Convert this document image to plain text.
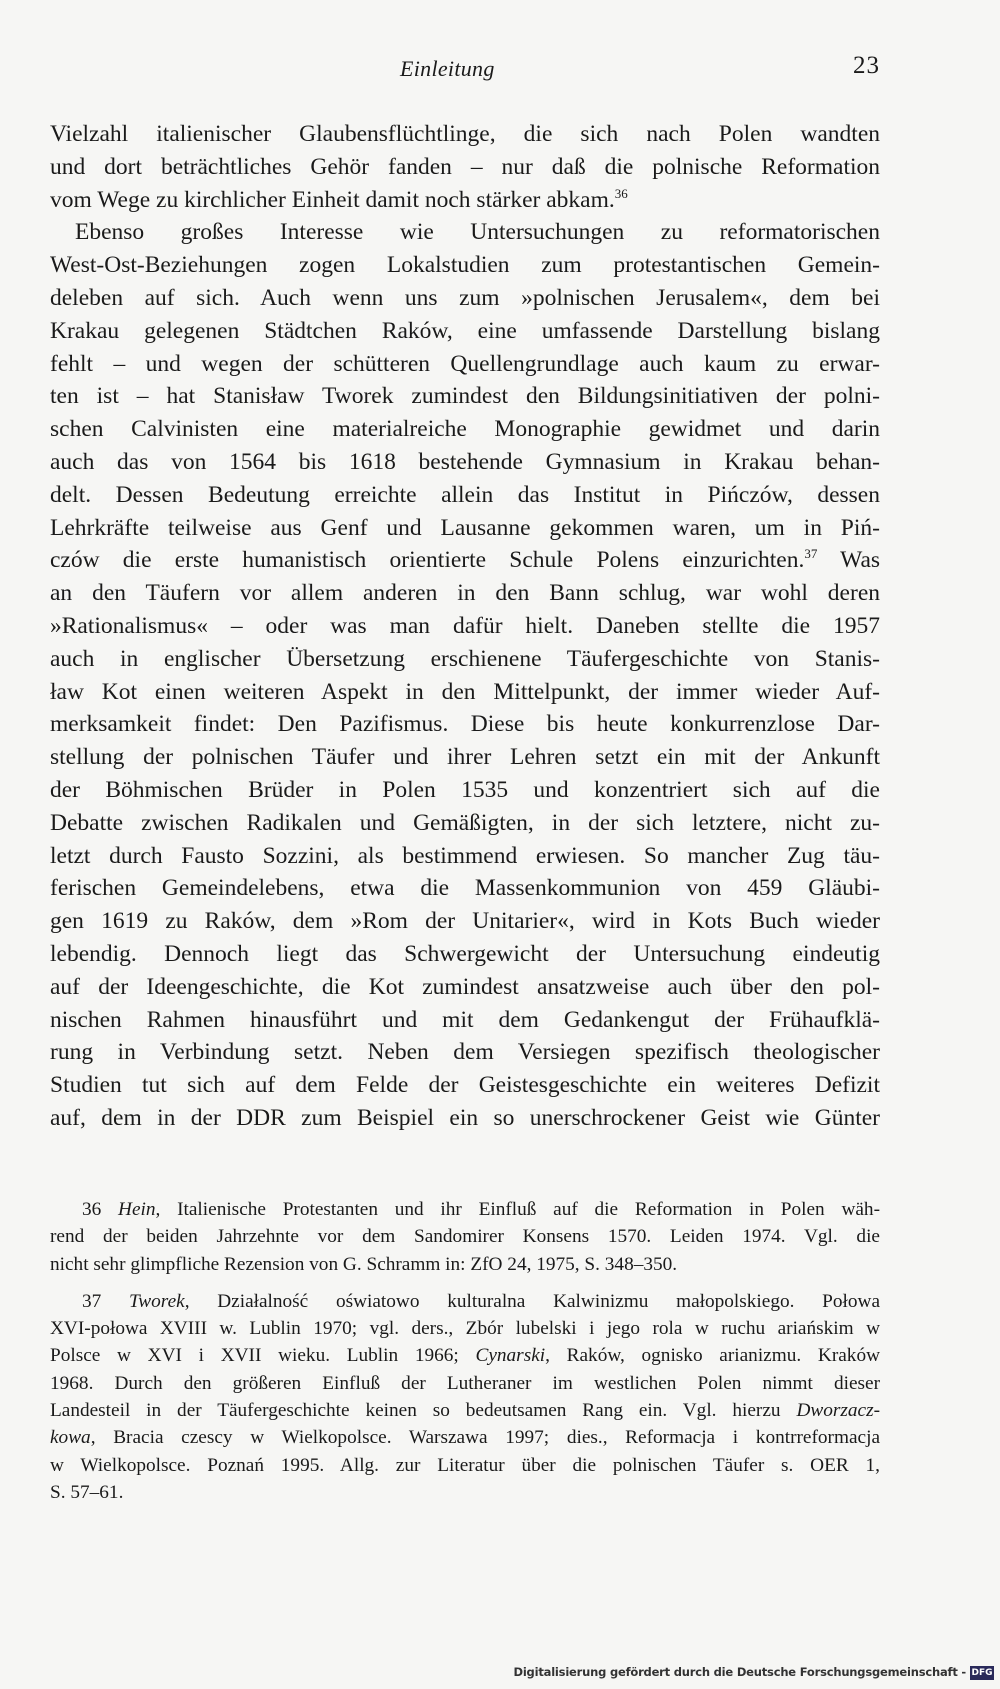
Einleitung	23
Vielzahl italienischer Glaubensflüchtlinge, die sich nach Polen wandten
und dort beträchtliches Gehör fanden – nur daß die polnische Reformation
vom Wege zu kirchlicher Einheit damit noch stärker abkam.$^{36}$
Ebenso großes Interesse wie Untersuchungen zu reformatorischen
West-Ost-Beziehungen zogen Lokalstudien zum protestantischen Gemein-
deleben auf sich. Auch wenn uns zum »polnischen Jerusalem«, dem bei
Krakau gelegenen Städtchen Raków, eine umfassende Darstellung bislang
fehlt – und wegen der schütteren Quellengrundlage auch kaum zu erwar-
ten ist – hat Stanisław Tworek zumindest den Bildungsinitiativen der polni-
schen Calvinisten eine materialreiche Monographie gewidmet und darin
auch das von 1564 bis 1618 bestehende Gymnasium in Krakau behan-
delt. Dessen Bedeutung erreichte allein das Institut in Pińczów, dessen
Lehrkräfte teilweise aus Genf und Lausanne gekommen waren, um in Piń-
czów die erste humanistisch orientierte Schule Polens einzurichten.$^{37}$ Was
an den Täufern vor allem anderen in den Bann schlug, war wohl deren
»Rationalismus« – oder was man dafür hielt. Daneben stellte die 1957
auch in englischer Übersetzung erschienene Täufergeschichte von Stanis-
ław Kot einen weiteren Aspekt in den Mittelpunkt, der immer wieder Auf-
merksamkeit findet: Den Pazifismus. Diese bis heute konkurrenzlose Dar-
stellung der polnischen Täufer und ihrer Lehren setzt ein mit der Ankunft
der Böhmischen Brüder in Polen 1535 und konzentriert sich auf die
Debatte zwischen Radikalen und Gemäßigten, in der sich letztere, nicht zu-
letzt durch Fausto Sozzini, als bestimmend erwiesen. So mancher Zug täu-
ferischen Gemeindelebens, etwa die Massenkommunion von 459 Gläubi-
gen 1619 zu Raków, dem »Rom der Unitarier«, wird in Kots Buch wieder
lebendig. Dennoch liegt das Schwergewicht der Untersuchung eindeutig
auf der Ideengeschichte, die Kot zumindest ansatzweise auch über den pol-
nischen Rahmen hinausführt und mit dem Gedankengut der Frühaufklä-
rung in Verbindung setzt. Neben dem Versiegen spezifisch theologischer
Studien tut sich auf dem Felde der Geistesgeschichte ein weiteres Defizit
auf, dem in der DDR zum Beispiel ein so unerschrockener Geist wie Günter
36 Hein, Italienische Protestanten und ihr Einfluß auf die Reformation in Polen wäh-
rend der beiden Jahrzehnte vor dem Sandomirer Konsens 1570. Leiden 1974. Vgl. die
nicht sehr glimpfliche Rezension von G. Schramm in: ZfO 24, 1975, S. 348–350.
37 Tworek, Działalność oświatowo kulturalna Kalwinizmu małopolskiego. Połowa
XVI-połowa XVIII w. Lublin 1970; vgl. ders., Zbór lubelski i jego rola w ruchu ariańskim w
Polsce w XVI i XVII wieku. Lublin 1966; Cynarski, Raków, ognisko arianizmu. Kraków
1968. Durch den größeren Einfluß der Lutheraner im westlichen Polen nimmt dieser
Landesteil in der Täufergeschichte keinen so bedeutsamen Rang ein. Vgl. hierzu Dworzacz-
kowa, Bracia czescy w Wielkopolsce. Warszawa 1997; dies., Reformacja i kontrreformacja
w Wielkopolsce. Poznań 1995. Allg. zur Literatur über die polnischen Täufer s. OER 1,
S. 57–61.
Digitalisierung gefördert durch die Deutsche Forschungsgemeinschaft - DFG
